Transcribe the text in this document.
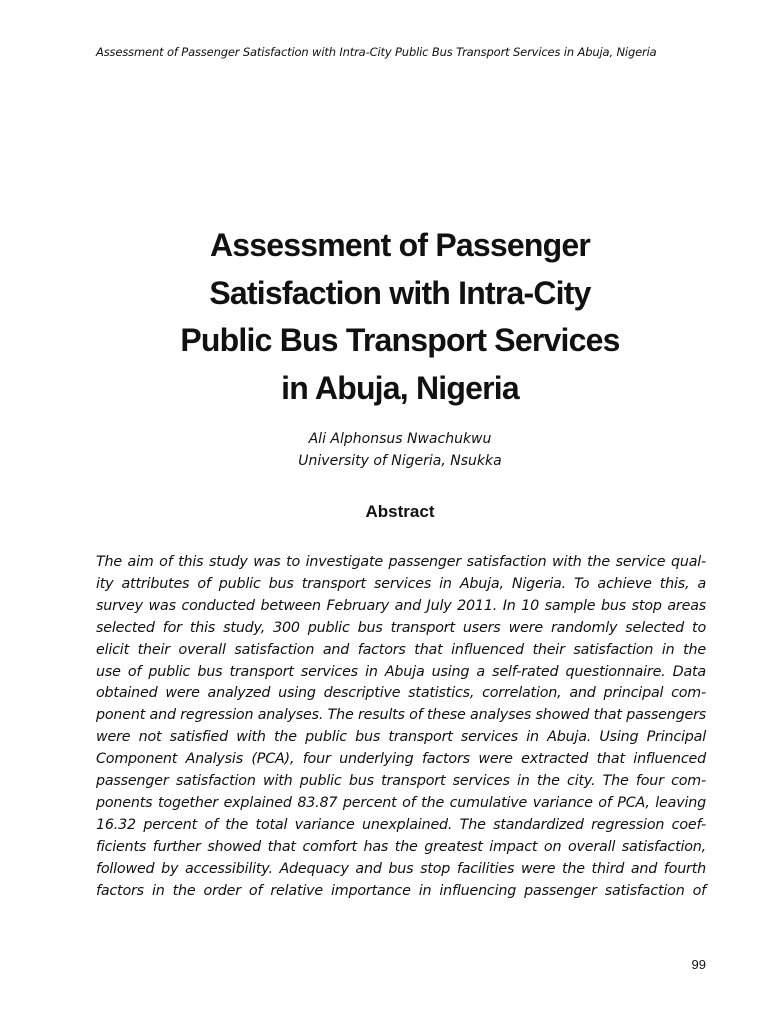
Assessment of Passenger Satisfaction with Intra-City Public Bus Transport Services in Abuja, Nigeria
Assessment of Passenger
Satisfaction with Intra-City
Public Bus Transport Services
in Abuja, Nigeria
Ali Alphonsus Nwachukwu
University of Nigeria, Nsukka
Abstract
The aim of this study was to investigate passenger satisfaction with the service qual-
ity attributes of public bus transport services in Abuja, Nigeria. To achieve this, a
survey was conducted between February and July 2011. In 10 sample bus stop areas
selected for this study, 300 public bus transport users were randomly selected to
elicit their overall satisfaction and factors that influenced their satisfaction in the
use of public bus transport services in Abuja using a self-rated questionnaire. Data
obtained were analyzed using descriptive statistics, correlation, and principal com-
ponent and regression analyses. The results of these analyses showed that passengers
were not satisfied with the public bus transport services in Abuja. Using Principal
Component Analysis (PCA), four underlying factors were extracted that influenced
passenger satisfaction with public bus transport services in the city. The four com-
ponents together explained 83.87 percent of the cumulative variance of PCA, leaving
16.32 percent of the total variance unexplained. The standardized regression coef-
ficients further showed that comfort has the greatest impact on overall satisfaction,
followed by accessibility. Adequacy and bus stop facilities were the third and fourth
factors in the order of relative importance in influencing passenger satisfaction of
99
